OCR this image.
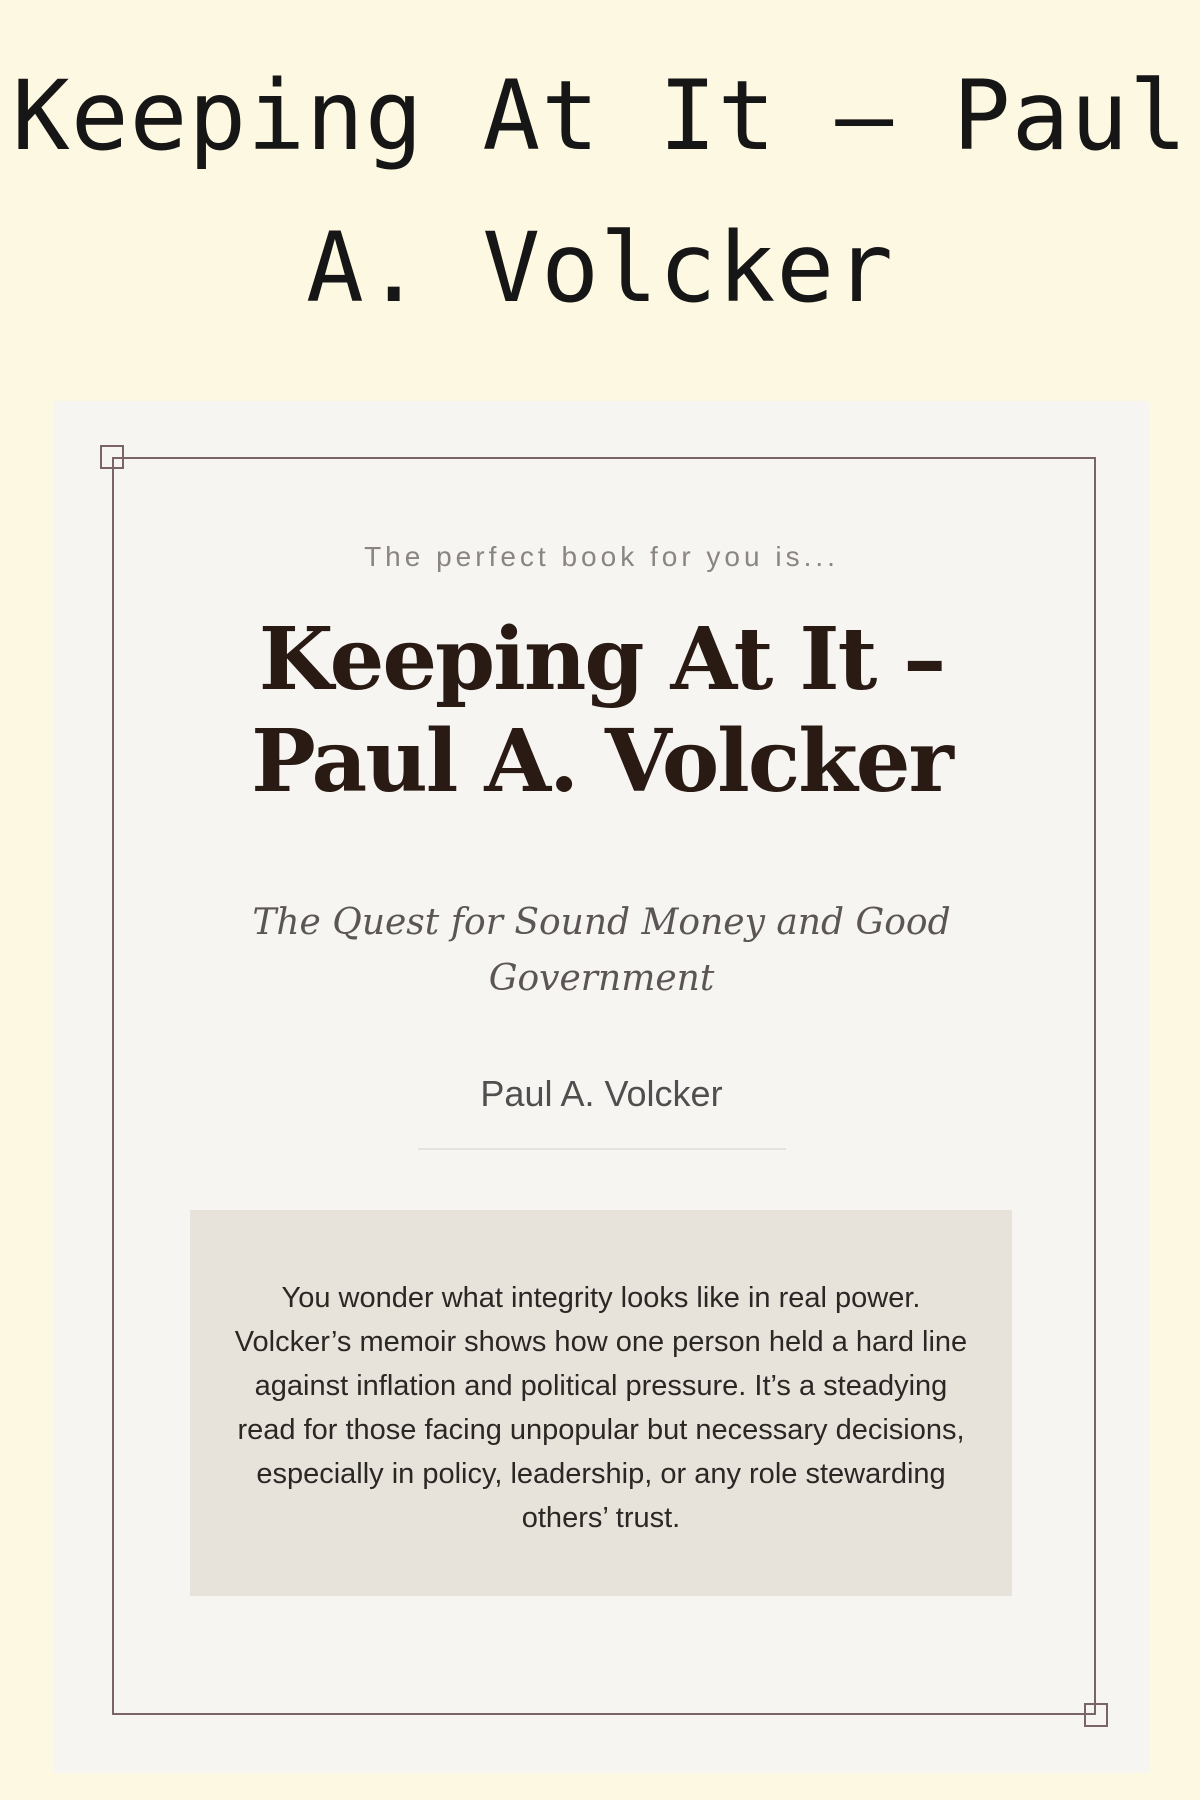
Keeping At It – Paul A. Volcker
The perfect book for you is...
Keeping At It – Paul A. Volcker
The Quest for Sound Money and Good Government
Paul A. Volcker

You wonder what integrity looks like in real power. Volcker’s memoir shows how one person held a hard line against inflation and political pressure. It’s a steadying read for those facing unpopular but necessary decisions, especially in policy, leadership, or any role stewarding others’ trust.
